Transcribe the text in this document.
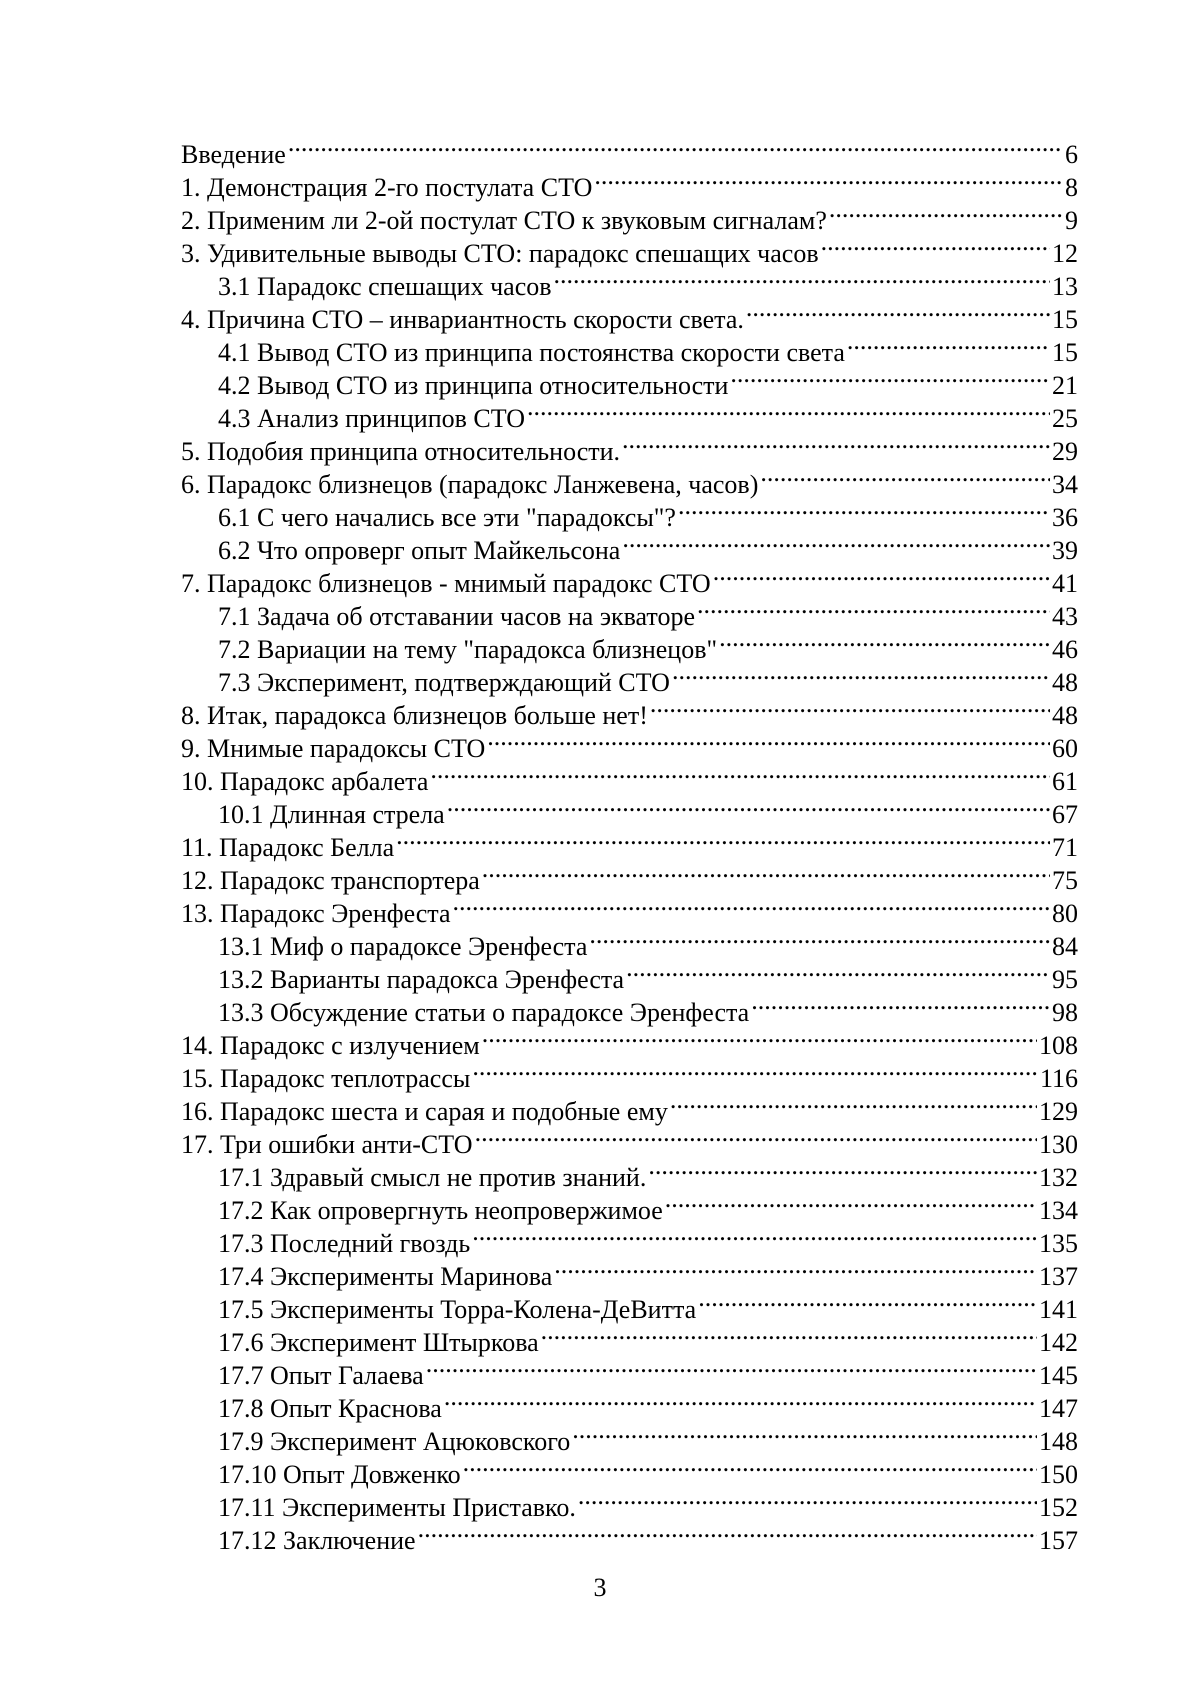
Введение .....	6
1. Демонстрация 2-го постулата СТО .....	8
2. Применим ли 2-ой постулат СТО к звуковым сигналам? .....	9
3. Удивительные выводы СТО: парадокс спешащих часов .....	12
3.1 Парадокс спешащих часов .....	13
4. Причина СТО – инвариантность скорости света. .....	15
4.1 Вывод СТО из принципа постоянства скорости света .....	15
4.2 Вывод СТО из принципа относительности .....	21
4.3 Анализ принципов СТО .....	25
5. Подобия принципа относительности. .....	29
6. Парадокс близнецов (парадокс Ланжевена, часов) .....	34
6.1 С чего начались все эти "парадоксы"? .....	36
6.2 Что опроверг опыт Майкельсона .....	39
7. Парадокс близнецов - мнимый парадокс СТО .....	41
7.1 Задача об отставании часов на экваторе .....	43
7.2 Вариации на тему "парадокса близнецов" .....	46
7.3 Эксперимент, подтверждающий СТО .....	48
8. Итак, парадокса близнецов больше нет! .....	48
9. Мнимые парадоксы СТО .....	60
10. Парадокс арбалета .....	61
10.1 Длинная стрела .....	67
11. Парадокс Белла .....	71
12. Парадокс транспортера .....	75
13. Парадокс Эренфеста .....	80
13.1 Миф о парадоксе Эренфеста .....	84
13.2 Варианты парадокса Эренфеста .....	95
13.3 Обсуждение статьи о парадоксе Эренфеста .....	98
14. Парадокс с излучением .....	108
15. Парадокс теплотрассы .....	116
16. Парадокс шеста и сарая и подобные ему .....	129
17. Три ошибки анти-СТО .....	130
17.1 Здравый смысл не против знаний. .....	132
17.2 Как опровергнуть неопровержимое .....	134
17.3 Последний гвоздь .....	135
17.4 Эксперименты Маринова .....	137
17.5 Эксперименты Торра-Колена-ДеВитта .....	141
17.6 Эксперимент Штыркова .....	142
17.7 Опыт Галаева .....	145
17.8 Опыт Краснова .....	147
17.9 Эксперимент Ацюковского .....	148
17.10 Опыт Довженко .....	150
17.11 Эксперименты Приставко. .....	152
17.12 Заключение .....	157
3
